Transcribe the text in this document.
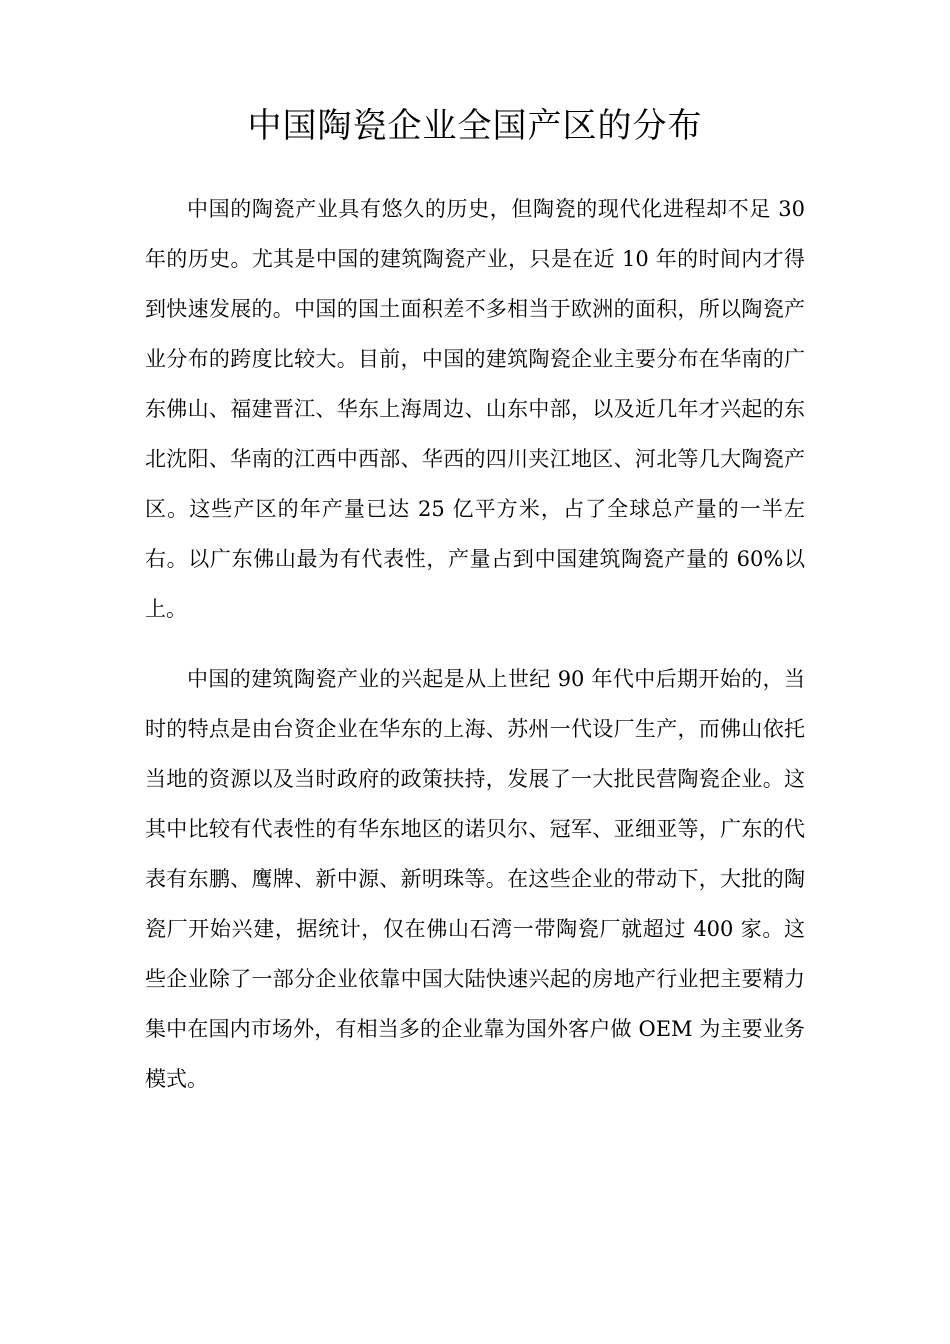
中国陶瓷企业全国产区的分布

中国的陶瓷产业具有悠久的历史，但陶瓷的现代化进程却不足 30 年的历史。尤其是中国的建筑陶瓷产业，只是在近 10 年的时间内才得到快速发展的。中国的国土面积差不多相当于欧洲的面积，所以陶瓷产业分布的跨度比较大。目前，中国的建筑陶瓷企业主要分布在华南的广东佛山、福建晋江、华东上海周边、山东中部，以及近几年才兴起的东北沈阳、华南的江西中西部、华西的四川夹江地区、河北等几大陶瓷产区。这些产区的年产量已达 25 亿平方米，占了全球总产量的一半左右。以广东佛山最为有代表性，产量占到中国建筑陶瓷产量的 60%以上。

中国的建筑陶瓷产业的兴起是从上世纪 90 年代中后期开始的，当时的特点是由台资企业在华东的上海、苏州一代设厂生产，而佛山依托当地的资源以及当时政府的政策扶持，发展了一大批民营陶瓷企业。这其中比较有代表性的有华东地区的诺贝尔、冠军、亚细亚等，广东的代表有东鹏、鹰牌、新中源、新明珠等。在这些企业的带动下，大批的陶瓷厂开始兴建，据统计，仅在佛山石湾一带陶瓷厂就超过 400 家。这些企业除了一部分企业依靠中国大陆快速兴起的房地产行业把主要精力集中在国内市场外，有相当多的企业靠为国外客户做 OEM 为主要业务模式。
